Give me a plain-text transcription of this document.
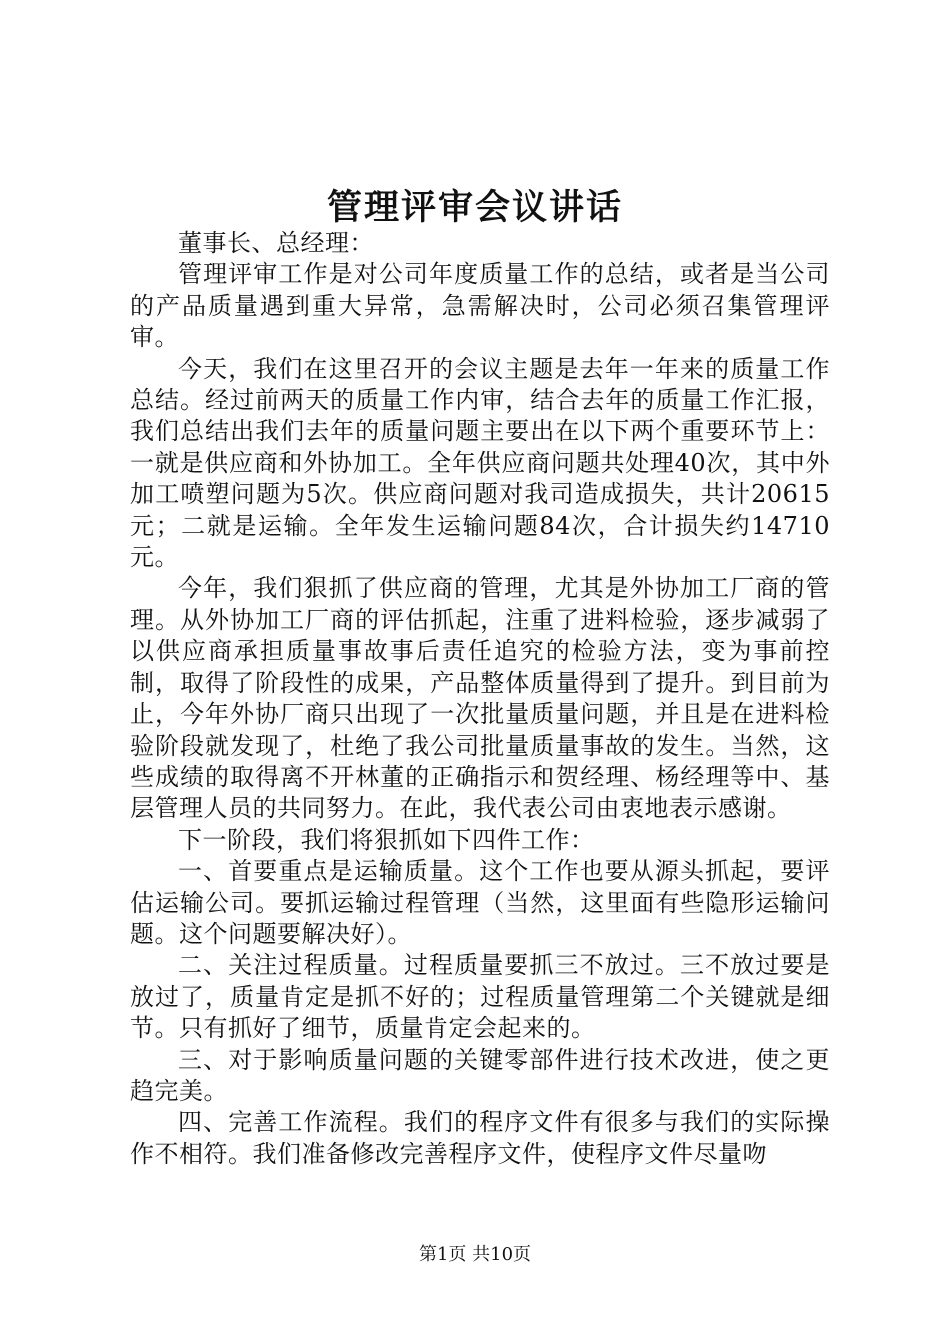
管理评审会议讲话

董事长、总经理：

管理评审工作是对公司年度质量工作的总结，或者是当公司的产品质量遇到重大异常，急需解决时，公司必须召集管理评审。

今天，我们在这里召开的会议主题是去年一年来的质量工作总结。经过前两天的质量工作内审，结合去年的质量工作汇报，我们总结出我们去年的质量问题主要出在以下两个重要环节上：一就是供应商和外协加工。全年供应商问题共处理40次，其中外加工喷塑问题为5次。供应商问题对我司造成损失，共计20615元；二就是运输。全年发生运输问题84次，合计损失约14710元。

今年，我们狠抓了供应商的管理，尤其是外协加工厂商的管理。从外协加工厂商的评估抓起，注重了进料检验，逐步减弱了以供应商承担质量事故事后责任追究的检验方法，变为事前控制，取得了阶段性的成果，产品整体质量得到了提升。到目前为止，今年外协厂商只出现了一次批量质量问题，并且是在进料检验阶段就发现了，杜绝了我公司批量质量事故的发生。当然，这些成绩的取得离不开林董的正确指示和贺经理、杨经理等中、基层管理人员的共同努力。在此，我代表公司由衷地表示感谢。

下一阶段，我们将狠抓如下四件工作：

一、首要重点是运输质量。这个工作也要从源头抓起，要评估运输公司。要抓运输过程管理（当然，这里面有些隐形运输问题。这个问题要解决好）。

二、关注过程质量。过程质量要抓三不放过。三不放过要是放过了，质量肯定是抓不好的；过程质量管理第二个关键就是细节。只有抓好了细节，质量肯定会起来的。

三、对于影响质量问题的关键零部件进行技术改进，使之更趋完美。

四、完善工作流程。我们的程序文件有很多与我们的实际操作不相符。我们准备修改完善程序文件，使程序文件尽量吻

第1页 共10页
